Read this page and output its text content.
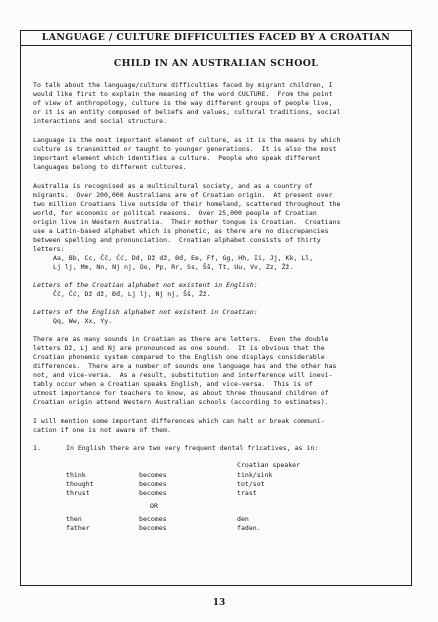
LANGUAGE / CULTURE DIFFICULTIES FACED BY A CROATIAN
CHILD IN AN AUSTRALIAN SCHOOL
To talk about the language/culture difficulties faced by migrant children, I
would like first to explain the meaning of the word CULTURE.  From the point
of view of anthropology, culture is the way different groups of people live,
or it is an entity composed of beliefs and values, cultural traditions, social
interactions and social structure.
Language is the most important element of culture, as it is the means by which
culture is transmitted or taught to younger generations.  It is also the most
important element which identifies a culture.  People who speak different
languages belong to different cultures.
Australia is recognised as a multicultural society, and as a country of
migrants.  Over 200,000 Australians are of Croatian origin.  At present over
two million Croatians live outside of their homeland, scattered throughout the
world, for economic or politcal reasons.  Over 25,000 people of Croatian
origin live in Western Australia.  Their mother tongue is Croatian.  Croatians
use a Latin-based alphabet which is phonetic, as there are no discrepancies
between spelling and pronunciation.  Croatian alphabet consists of thirty
letters:
Aa, Bb, Cc, Čč, Ćć, Dd, Dž dž, Đđ, Ee, Ff, Gg, Hh, Ii, Jj, Kk, Ll,
Lj lj, Mm, Nn, Nj nj, Oo, Pp, Rr, Ss, Šš, Tt, Uu, Vv, Zz, Žž.
Letters of the Croatian alphabet not existent in English:
Čč, Ćć, Dž dž, Đđ, Lj lj, Nj nj, Šš, Žž.
Letters of the English alphabet not existent in Croatian:
Qq, Ww, Xx, Yy.
There are as many sounds in Croatian as there are letters.  Even the double
letters Dž, Lj and Nj are pronounced as one sound.  It is obvious that the
Croatian phonemic system compared to the English one displays considerable
differences.  There are a number of sounds one language has and the other has
not, and vice-versa.  As a result, substitution and interference will inevi-
tably occur when a Croatian speaks English, and vice-versa.  This is of
utmost importance for teachers to know, as about three thousand children of
Croatian origin attend Western Australian schools (according to estimates).
I will mention some important differences which can halt or break communi-
cation if one is not aware of them.
1.	In English there are two very frequent dental fricatives, as in:
Croatian speaker
think	becomes	tink/sink
thought	becomes	tot/sot
thrust	becomes	trast
OR
then	becomes	den
father	becomes	faden.
13
